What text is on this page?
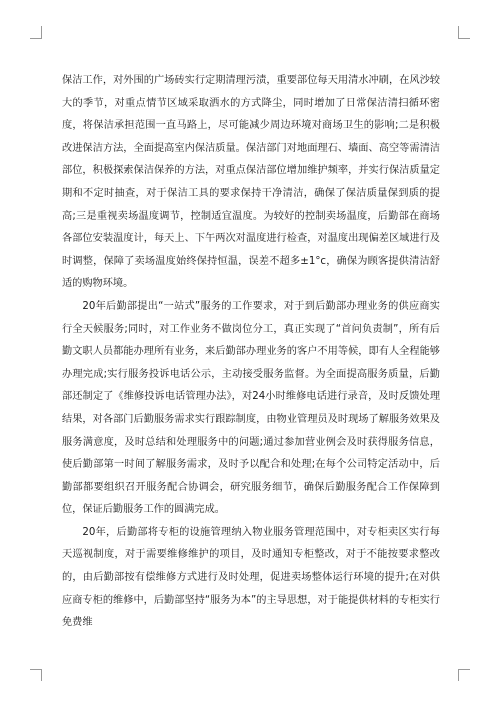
保洁工作，对外围的广场砖实行定期清理污渍，重要部位每天用清水冲刷，在风沙较大的季节，对重点情节区域采取洒水的方式降尘，同时增加了日常保洁清扫循环密度，将保洁承担范围一直马路上，尽可能减少周边环境对商场卫生的影响;二是积极改进保洁方法，全面提高室内保洁质量。保洁部门对地面理石、墙面、高空等需清洁部位，积极探索保洁保养的方法，对重点保洁部位增加维护频率，并实行保洁质量定期和不定时抽查，对于保洁工具的要求保持干净清洁，确保了保洁质量保到质的提高;三是重视卖场温度调节，控制适宜温度。为较好的控制卖场温度，后勤部在商场各部位安装温度计，每天上、下午两次对温度进行检查，对温度出现偏差区域进行及时调整，保障了卖场温度始终保持恒温，误差不超多±1°c，确保为顾客提供清洁舒适的购物环境。

20年后勤部提出“一站式”服务的工作要求，对于到后勤部办理业务的供应商实行全天候服务;同时，对工作业务不做岗位分工，真正实现了“首问负责制”，所有后勤文职人员都能办理所有业务，来后勤部办理业务的客户不用等候，即有人全程能够办理完成;实行服务投诉电话公示，主动接受服务监督。为全面提高服务质量，后勤部还制定了《维修投诉电话管理办法》，对24小时维修电话进行录音，及时反馈处理结果，对各部门后勤服务需求实行跟踪制度，由物业管理员及时现场了解服务效果及服务满意度，及时总结和处理服务中的问题;通过参加营业例会及时获得服务信息，使后勤部第一时间了解服务需求，及时予以配合和处理;在每个公司特定活动中，后勤部都要组织召开服务配合协调会，研究服务细节，确保后勤服务配合工作保障到位，保证后勤服务工作的圆满完成。

20年，后勤部将专柜的设施管理纳入物业服务管理范围中，对专柜卖区实行每天巡视制度，对于需要维修维护的项目，及时通知专柜整改，对于不能按要求整改的，由后勤部按有偿维修方式进行及时处理，促进卖场整体运行环境的提升;在对供应商专柜的维修中，后勤部坚持“服务为本”的主导思想，对于能提供材料的专柜实行免费维
